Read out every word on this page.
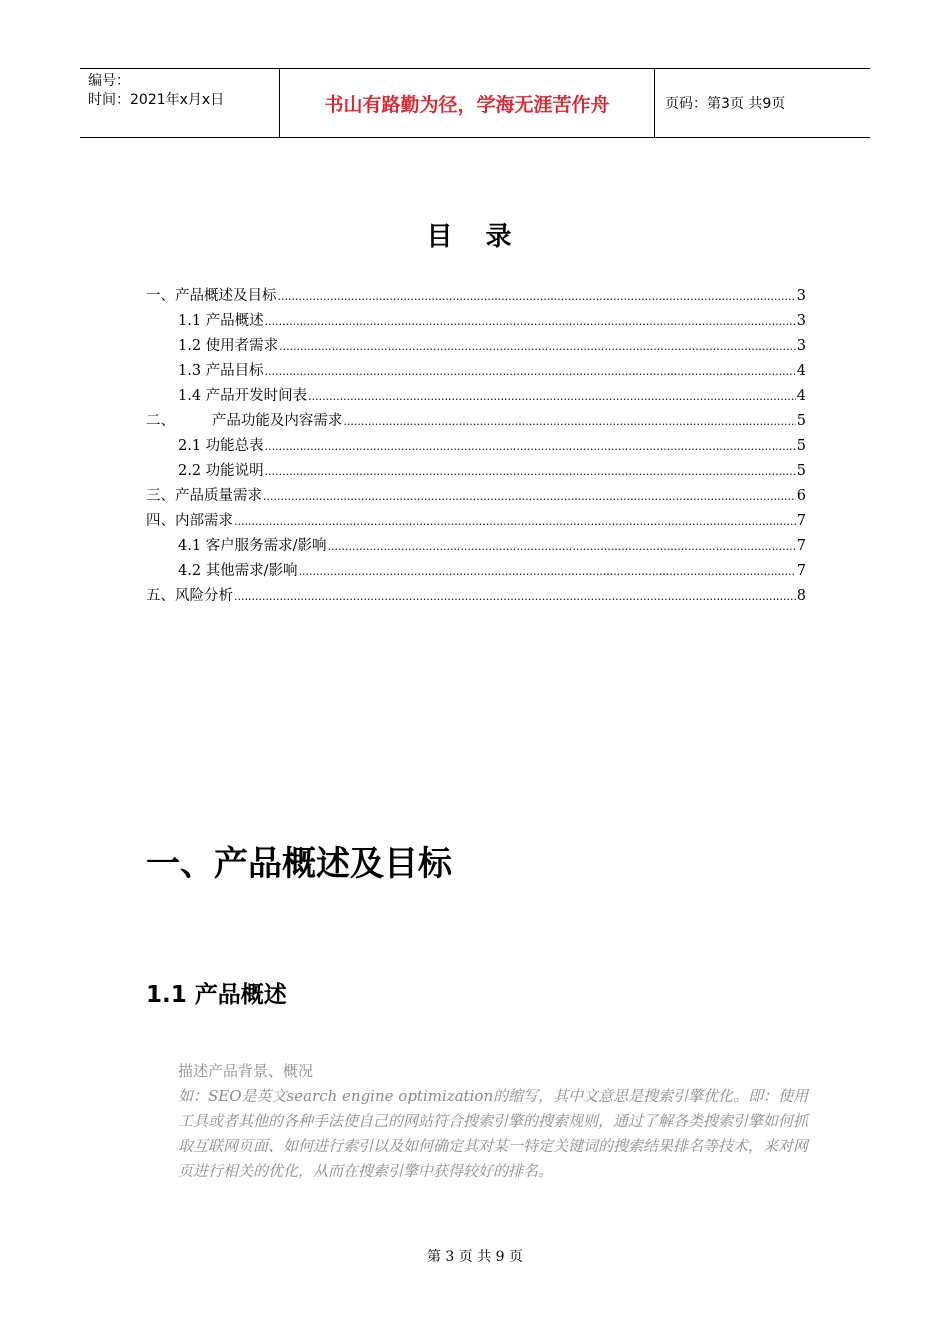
编号：
时间：2021年x月x日	书山有路勤为径，学海无涯苦作舟	页码：第3页 共9页
目 录
一、产品概述及目标 .....	3
1.1 产品概述 .....	3
1.2 使用者需求 .....	3
1.3 产品目标 .....	4
1.4 产品开发时间表 .....	4
二、        产品功能及内容需求 .....	5
2.1 功能总表 .....	5
2.2 功能说明 .....	5
三、产品质量需求 .....	6
四、内部需求 .....	7
4.1 客户服务需求/影响 .....	7
4.2 其他需求/影响 .....	7
五、风险分析 .....	8
一、产品概述及目标
1.1 产品概述

描述产品背景、概况

如：SEO是英文search engine optimization的缩写，其中文意思是搜索引擎优化。即：使用工具或者其他的各种手法使自己的网站符合搜索引擎的搜索规则，通过了解各类搜索引擎如何抓取互联网页面、如何进行索引以及如何确定其对某一特定关键词的搜索结果排名等技术，来对网页进行相关的优化，从而在搜索引擎中获得较好的排名。

第 3 页 共 9 页
